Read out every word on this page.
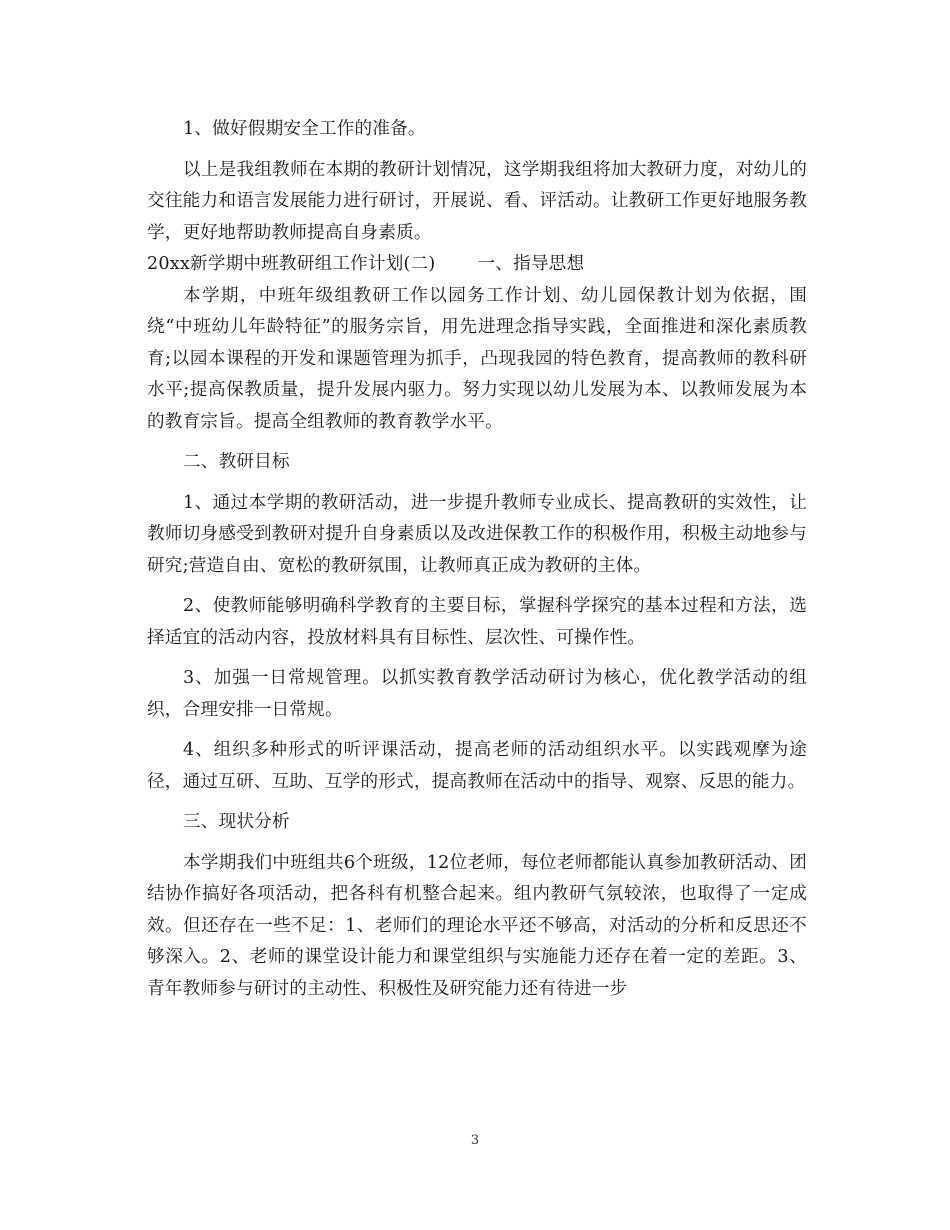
1、做好假期安全工作的准备。

以上是我组教师在本期的教研计划情况，这学期我组将加大教研力度，对幼儿的交往能力和语言发展能力进行研讨，开展说、看、评活动。让教研工作更好地服务教学，更好地帮助教师提高自身素质。

20xx新学期中班教研组工作计划(二) 一、指导思想

本学期，中班年级组教研工作以园务工作计划、幼儿园保教计划为依据，围绕“中班幼儿年龄特征”的服务宗旨，用先进理念指导实践，全面推进和深化素质教育;以园本课程的开发和课题管理为抓手，凸现我园的特色教育，提高教师的教科研水平;提高保教质量，提升发展内驱力。努力实现以幼儿发展为本、以教师发展为本的教育宗旨。提高全组教师的教育教学水平。

二、教研目标

1、通过本学期的教研活动，进一步提升教师专业成长、提高教研的实效性，让教师切身感受到教研对提升自身素质以及改进保教工作的积极作用，积极主动地参与研究;营造自由、宽松的教研氛围，让教师真正成为教研的主体。

2、使教师能够明确科学教育的主要目标，掌握科学探究的基本过程和方法，选择适宜的活动内容，投放材料具有目标性、层次性、可操作性。

3、加强一日常规管理。以抓实教育教学活动研讨为核心，优化教学活动的组织，合理安排一日常规。

4、组织多种形式的听评课活动，提高老师的活动组织水平。以实践观摩为途径，通过互研、互助、互学的形式，提高教师在活动中的指导、观察、反思的能力。

三、现状分析

本学期我们中班组共6个班级，12位老师，每位老师都能认真参加教研活动、团结协作搞好各项活动，把各科有机整合起来。组内教研气氛较浓，也取得了一定成效。但还存在一些不足：1、老师们的理论水平还不够高，对活动的分析和反思还不够深入。2、老师的课堂设计能力和课堂组织与实施能力还存在着一定的差距。3、青年教师参与研讨的主动性、积极性及研究能力还有待进一步

3
